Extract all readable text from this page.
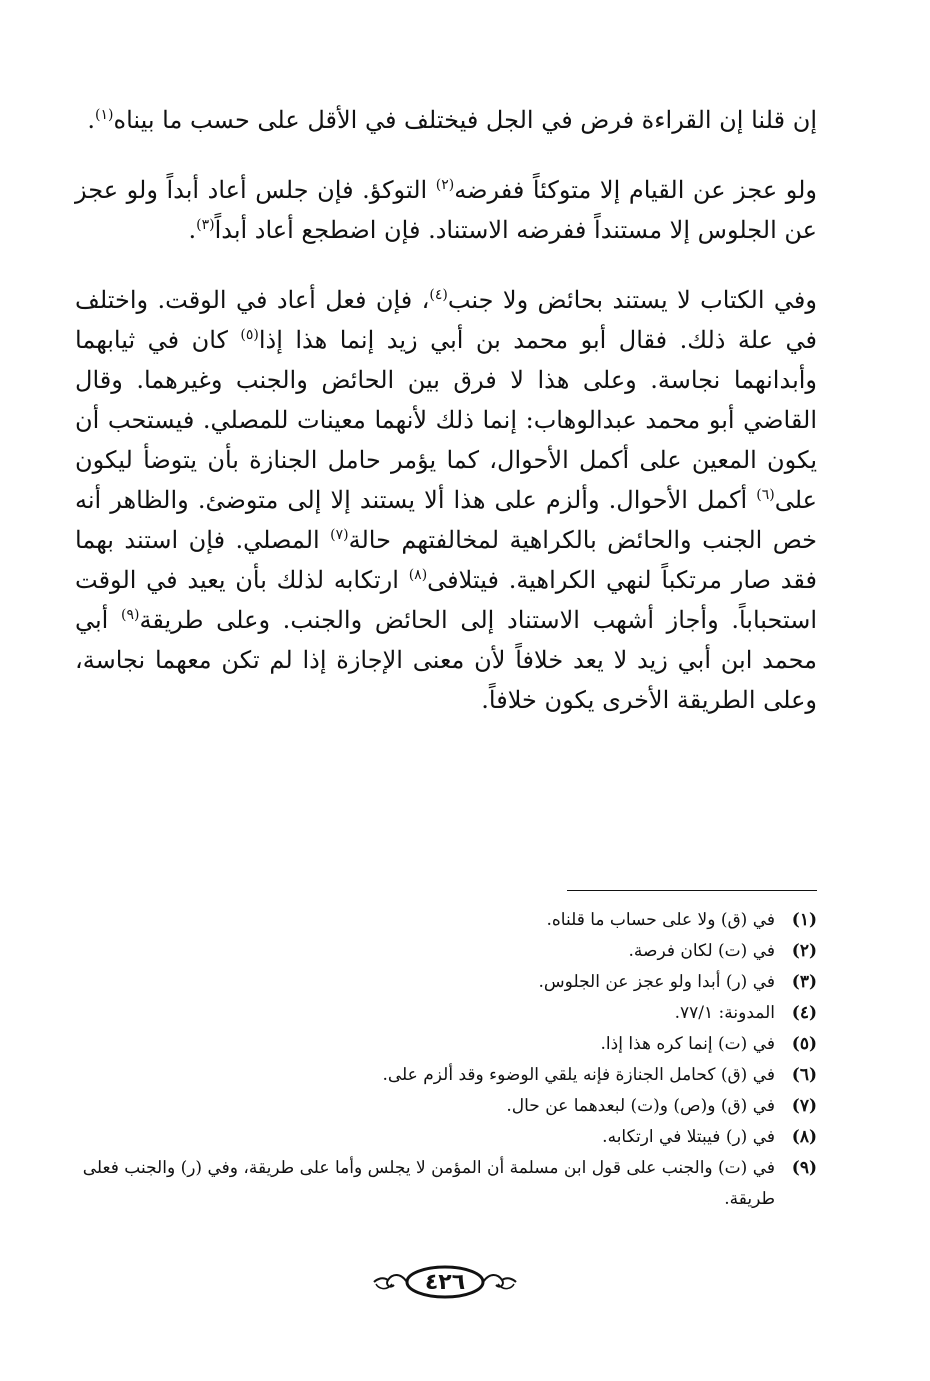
إن قلنا إن القراءة فرض في الجل فيختلف في الأقل على حسب ما بيناه$^{(١)}$.

ولو عجز عن القيام إلا متوكئاً ففرضه$^{(٢)}$ التوكؤ. فإن جلس أعاد أبداً ولو عجز عن الجلوس إلا مستنداً ففرضه الاستناد. فإن اضطجع أعاد أبداً$^{(٣)}$.

وفي الكتاب لا يستند بحائض ولا جنب$^{(٤)}$، فإن فعل أعاد في الوقت. واختلف في علة ذلك. فقال أبو محمد بن أبي زيد إنما هذا إذا$^{(٥)}$ كان في ثيابهما وأبدانهما نجاسة. وعلى هذا لا فرق بين الحائض والجنب وغيرهما. وقال القاضي أبو محمد عبدالوهاب: إنما ذلك لأنهما معينات للمصلي. فيستحب أن يكون المعين على أكمل الأحوال، كما يؤمر حامل الجنازة بأن يتوضأ ليكون على$^{(٦)}$ أكمل الأحوال. وألزم على هذا ألا يستند إلا إلى متوضئ. والظاهر أنه خص الجنب والحائض بالكراهية لمخالفتهم حالة$^{(٧)}$ المصلي. فإن استند بهما فقد صار مرتكباً لنهي الكراهية. فيتلافى$^{(٨)}$ ارتكابه لذلك بأن يعيد في الوقت استحباباً. وأجاز أشهب الاستناد إلى الحائض والجنب. وعلى طريقة$^{(٩)}$ أبي محمد ابن أبي زيد لا يعد خلافاً لأن معنى الإجازة إذا لم تكن معهما نجاسة، وعلى الطريقة الأخرى يكون خلافاً.

(١)
في (ق) ولا على حساب ما قلناه.
(٢)
في (ت) لكان فرصة.
(٣)
في (ر) أبدا ولو عجز عن الجلوس.
(٤)
المدونة: ٧٧/١.
(٥)
في (ت) إنما كره هذا إذا.
(٦)
في (ق) كحامل الجنازة فإنه يلقي الوضوء وقد ألزم على.
(٧)
في (ق) و(ص) و(ت) لبعدهما عن حال.
(٨)
في (ر) فيبتلا في ارتكابه.
(٩)
في (ت) والجنب على قول ابن مسلمة أن المؤمن لا يجلس وأما على طريقة، وفي (ر) والجنب فعلى طريقة.
٤٢٦
